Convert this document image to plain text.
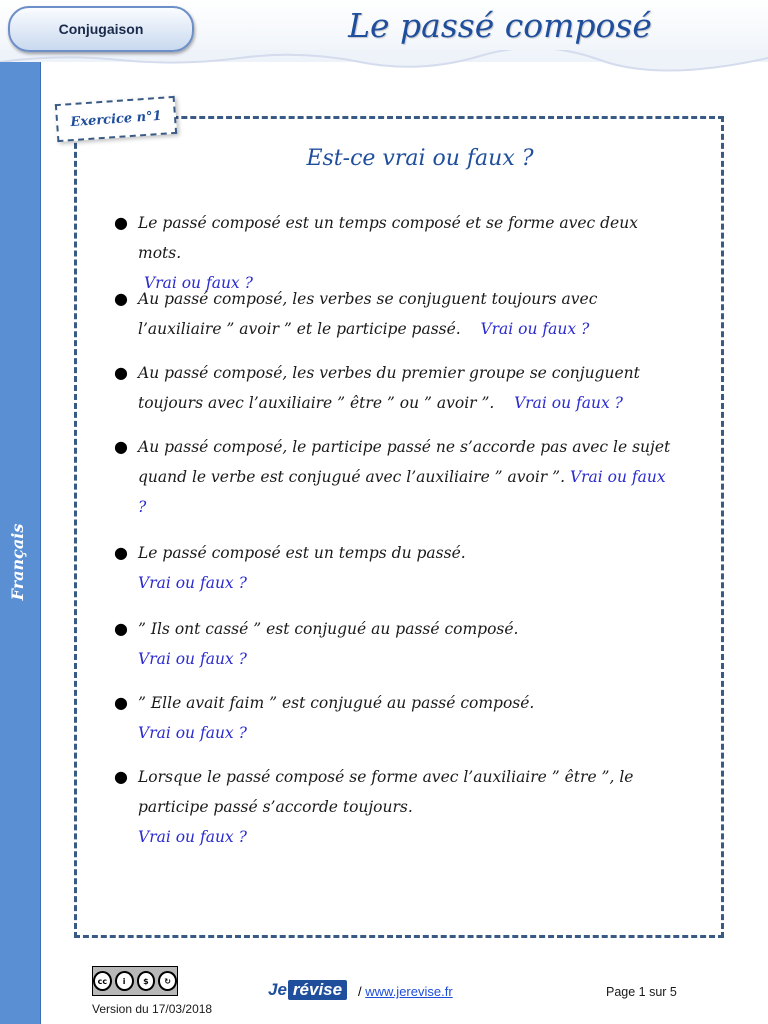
Conjugaison	Le passé composé
Français
Exercice n°1
Est-ce vrai ou faux ?
● Le passé composé est un temps composé et se forme avec deux mots.
Vrai ou faux ?
● Au passé composé, les verbes se conjuguent toujours avec l’auxiliaire ” avoir ” et le participe passé. Vrai ou faux ?
● Au passé composé, les verbes du premier groupe se conjuguent toujours avec l’auxiliaire ” être ” ou ” avoir ”. Vrai ou faux ?
● Au passé composé, le participe passé ne s’accorde pas avec le sujet quand le verbe est conjugué avec l’auxiliaire ” avoir ”. Vrai ou faux ?
● Le passé composé est un temps du passé.
Vrai ou faux ?
● ” Ils ont cassé ” est conjugué au passé composé.
Vrai ou faux ?
● ” Elle avait faim ” est conjugué au passé composé.
Vrai ou faux ?
● Lorsque le passé composé se forme avec l’auxiliaire ” être ”, le participe passé s’accorde toujours.
Vrai ou faux ?
cc	i	$	↻
Version du 17/03/2018
Je révise	/ www.jerevise.fr	Page 1 sur 5
